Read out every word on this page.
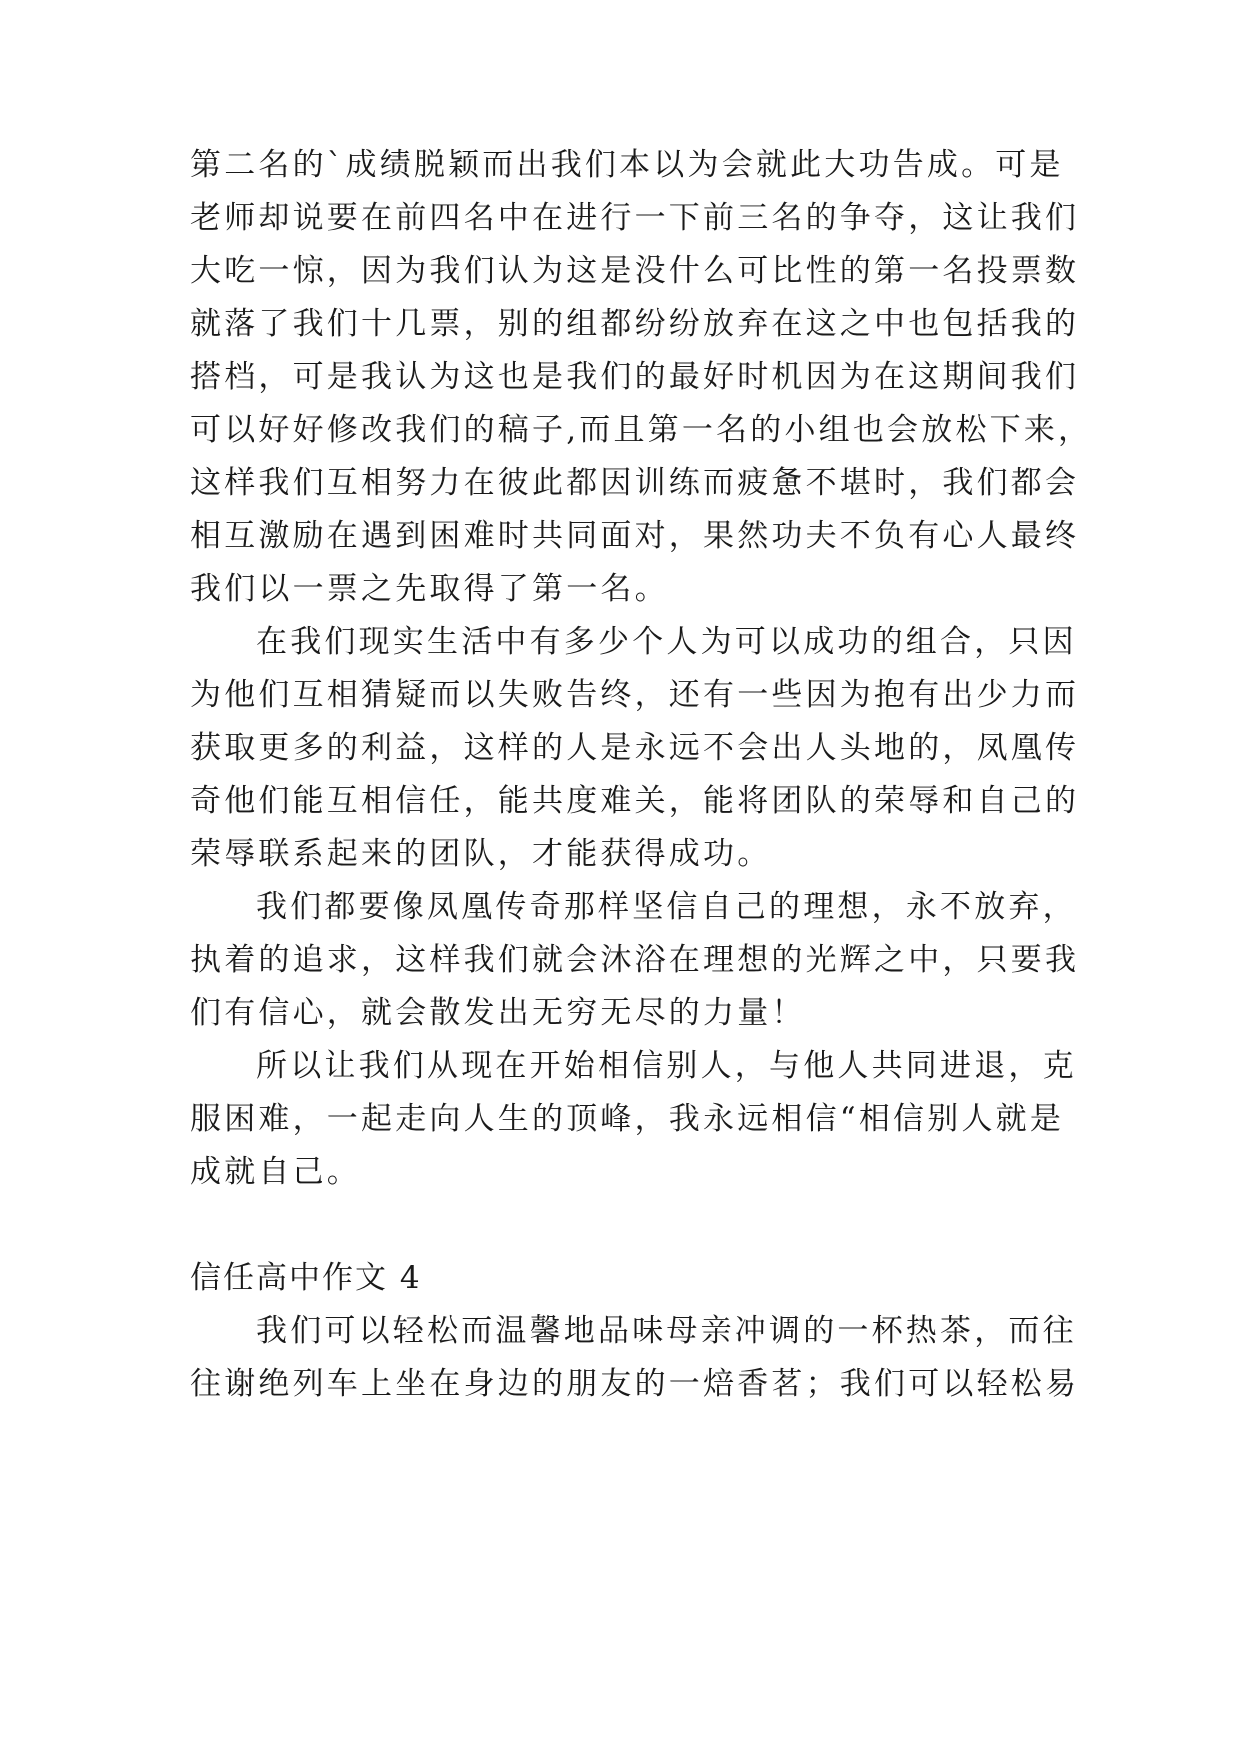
第二名的`成绩脱颖而出我们本以为会就此大功告成。可是
老师却说要在前四名中在进行一下前三名的争夺，这让我们
大吃一惊，因为我们认为这是没什么可比性的第一名投票数
就落了我们十几票，别的组都纷纷放弃在这之中也包括我的
搭档，可是我认为这也是我们的最好时机因为在这期间我们
可以好好修改我们的稿子,而且第一名的小组也会放松下来，
这样我们互相努力在彼此都因训练而疲惫不堪时，我们都会
相互激励在遇到困难时共同面对，果然功夫不负有心人最终
我们以一票之先取得了第一名。
在我们现实生活中有多少个人为可以成功的组合，只因
为他们互相猜疑而以失败告终，还有一些因为抱有出少力而
获取更多的利益，这样的人是永远不会出人头地的，凤凰传
奇他们能互相信任，能共度难关，能将团队的荣辱和自己的
荣辱联系起来的团队，才能获得成功。
我们都要像凤凰传奇那样坚信自己的理想，永不放弃，
执着的追求，这样我们就会沐浴在理想的光辉之中，只要我
们有信心，就会散发出无穷无尽的力量！
所以让我们从现在开始相信别人，与他人共同进退，克
服困难，一起走向人生的顶峰，我永远相信“相信别人就是
成就自己。
信任高中作文 4
我们可以轻松而温馨地品味母亲冲调的一杯热茶，而往
往谢绝列车上坐在身边的朋友的一焙香茗；我们可以轻松易
